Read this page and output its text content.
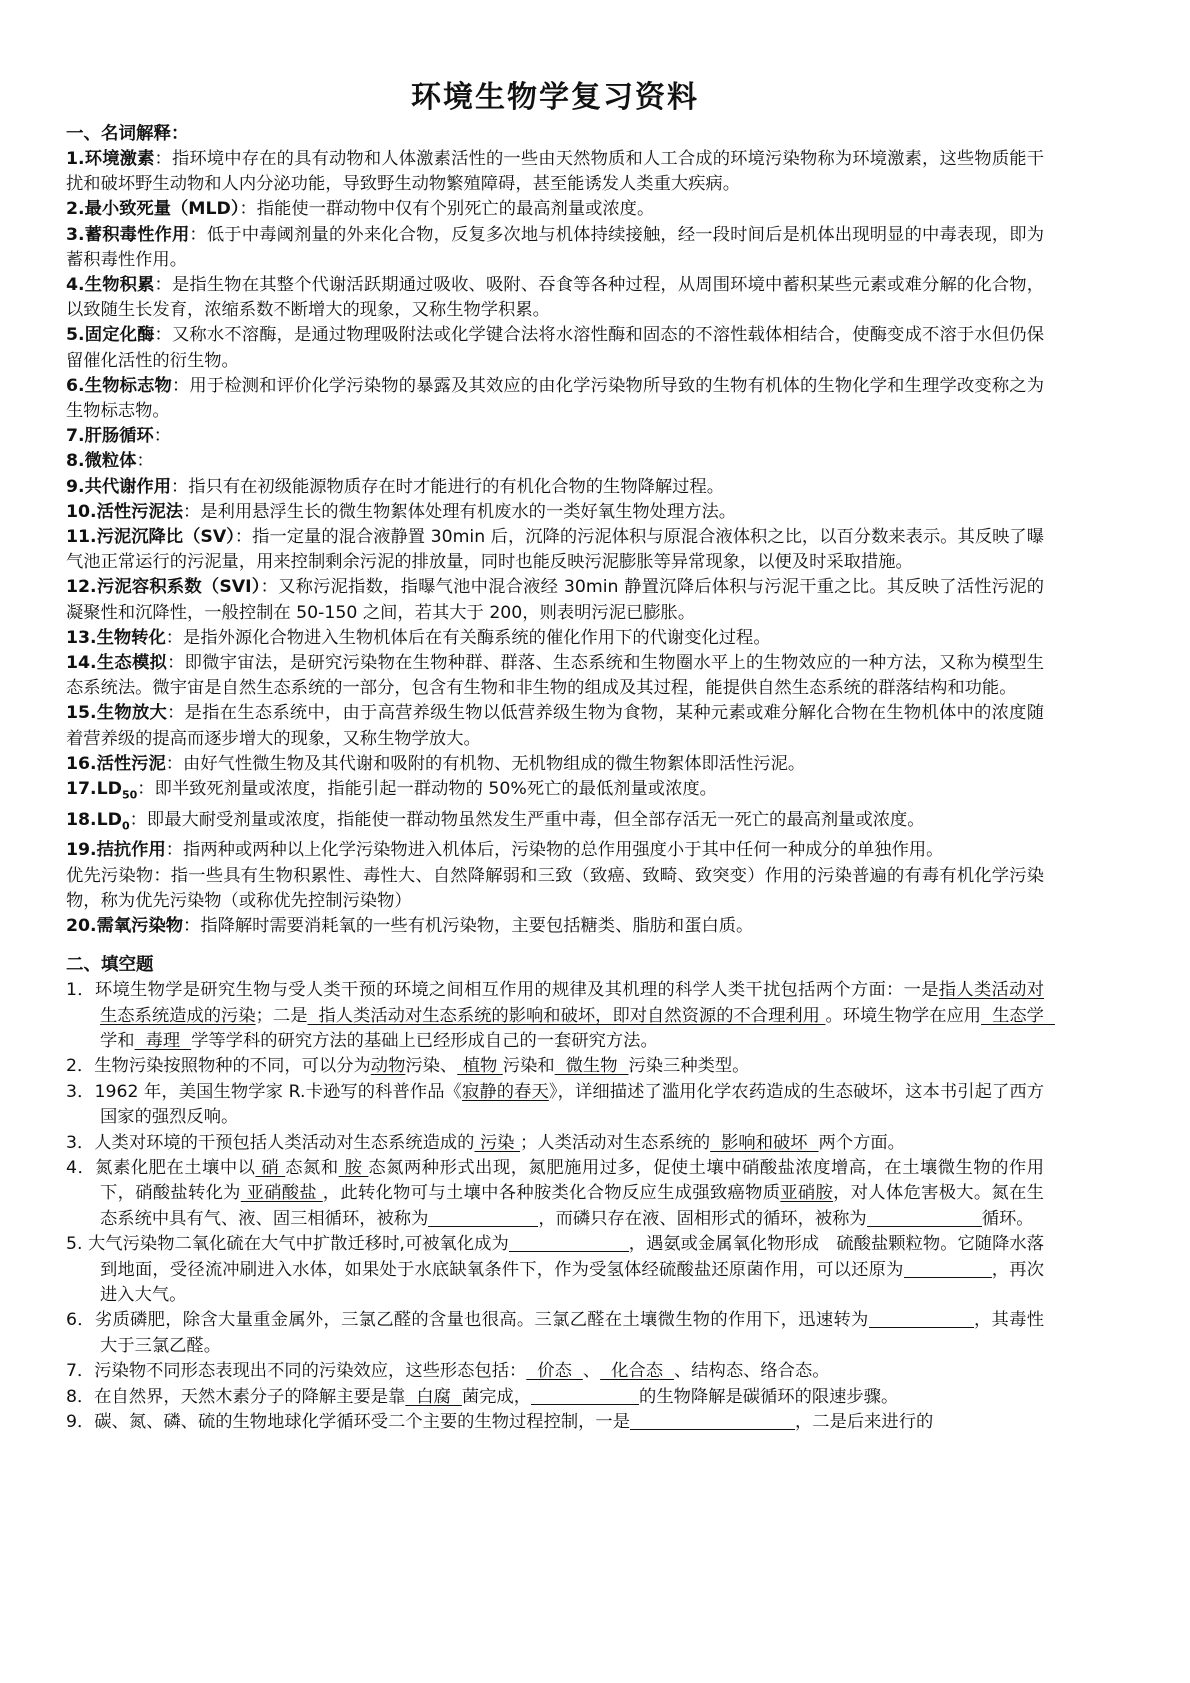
环境生物学复习资料
一、名词解释：

1.环境激素：指环境中存在的具有动物和人体激素活性的一些由天然物质和人工合成的环境污染物称为环境激素，这些物质能干扰和破坏野生动物和人内分泌功能，导致野生动物繁殖障碍，甚至能诱发人类重大疾病。

2.最小致死量（MLD）：指能使一群动物中仅有个别死亡的最高剂量或浓度。

3.蓄积毒性作用：低于中毒阈剂量的外来化合物，反复多次地与机体持续接触，经一段时间后是机体出现明显的中毒表现，即为蓄积毒性作用。

4.生物积累：是指生物在其整个代谢活跃期通过吸收、吸附、吞食等各种过程，从周围环境中蓄积某些元素或难分解的化合物，以致随生长发育，浓缩系数不断增大的现象，又称生物学积累。

5.固定化酶：又称水不溶酶，是通过物理吸附法或化学键合法将水溶性酶和固态的不溶性载体相结合，使酶变成不溶于水但仍保留催化活性的衍生物。

6.生物标志物：用于检测和评价化学污染物的暴露及其效应的由化学污染物所导致的生物有机体的生物化学和生理学改变称之为生物标志物。

7.肝肠循环：

8.微粒体：

9.共代谢作用：指只有在初级能源物质存在时才能进行的有机化合物的生物降解过程。

10.活性污泥法：是利用悬浮生长的微生物絮体处理有机废水的一类好氧生物处理方法。

11.污泥沉降比（SV）：指一定量的混合液静置 30min 后，沉降的污泥体积与原混合液体积之比，以百分数来表示。其反映了曝气池正常运行的污泥量，用来控制剩余污泥的排放量，同时也能反映污泥膨胀等异常现象，以便及时采取措施。

12.污泥容积系数（SVI）：又称污泥指数，指曝气池中混合液经 30min 静置沉降后体积与污泥干重之比。其反映了活性污泥的凝聚性和沉降性，一般控制在 50-150 之间，若其大于 200，则表明污泥已膨胀。

13.生物转化：是指外源化合物进入生物机体后在有关酶系统的催化作用下的代谢变化过程。

14.生态模拟：即微宇宙法，是研究污染物在生物种群、群落、生态系统和生物圈水平上的生物效应的一种方法，又称为模型生态系统法。微宇宙是自然生态系统的一部分，包含有生物和非生物的组成及其过程，能提供自然生态系统的群落结构和功能。

15.生物放大：是指在生态系统中，由于高营养级生物以低营养级生物为食物，某种元素或难分解化合物在生物机体中的浓度随着营养级的提高而逐步增大的现象，又称生物学放大。

16.活性污泥：由好气性微生物及其代谢和吸附的有机物、无机物组成的微生物絮体即活性污泥。

$17.LD_{50}$：即半致死剂量或浓度，指能引起一群动物的 50%死亡的最低剂量或浓度。

$18.LD_0$：即最大耐受剂量或浓度，指能使一群动物虽然发生严重中毒，但全部存活无一死亡的最高剂量或浓度。

19.拮抗作用：指两种或两种以上化学污染物进入机体后，污染物的总作用强度小于其中任何一种成分的单独作用。

优先污染物：指一些具有生物积累性、毒性大、自然降解弱和三致（致癌、致畸、致突变）作用的污染普遍的有毒有机化学污染物，称为优先污染物（或称优先控制污染物）

20.需氧污染物：指降解时需要消耗氧的一些有机污染物，主要包括糖类、脂肪和蛋白质。

二、填空题

1．环境生物学是研究生物与受人类干预的环境之间相互作用的规律及其机理的科学人类干扰包括两个方面：一是指人类活动对生态系统造成的污染；二是  指人类活动对生态系统的影响和破坏，即对自然资源的不合理利用 。环境生物学在应用  生态学  学和  毒理  学等学科的研究方法的基础上已经形成自己的一套研究方法。

2．生物污染按照物种的不同，可以分为动物污染、 植物 污染和  微生物  污染三种类型。

3．1962 年，美国生物学家 R.卡逊写的科普作品《寂静的春天》，详细描述了滥用化学农药造成的生态破坏，这本书引起了西方国家的强烈反响。

3．人类对环境的干预包括人类活动对生态系统造成的 污染 ；人类活动对生态系统的  影响和破坏  两个方面。

4．氮素化肥在土壤中以 硝 态氮和 胺 态氮两种形式出现，氮肥施用过多，促使土壤中硝酸盐浓度增高，在土壤微生物的作用下，硝酸盐转化为 亚硝酸盐 ，此转化物可与土壤中各种胺类化合物反应生成强致癌物质亚硝胺，对人体危害极大。氮在生态系统中具有气、液、固三相循环，被称为	，而磷只存在液、固相形式的循环，被称为	循环。

5. 大气污染物二氧化硫在大气中扩散迁移时,可被氧化成为	，遇氨或金属氧化物形成　硫酸盐颗粒物。它随降水落到地面，受径流冲刷进入水体，如果处于水底缺氧条件下，作为受氢体经硫酸盐还原菌作用，可以还原为	，再次进入大气。

6．劣质磷肥，除含大量重金属外，三氯乙醛的含量也很高。三氯乙醛在土壤微生物的作用下，迅速转为	，其毒性大于三氯乙醛。

7．污染物不同形态表现出不同的污染效应，这些形态包括：  价态  、  化合态  、结构态、络合态。

8．在自然界，天然木素分子的降解主要是靠  白腐  菌完成，	的生物降解是碳循环的限速步骤。

9．碳、氮、磷、硫的生物地球化学循环受二个主要的生物过程控制，一是	，二是后来进行的
